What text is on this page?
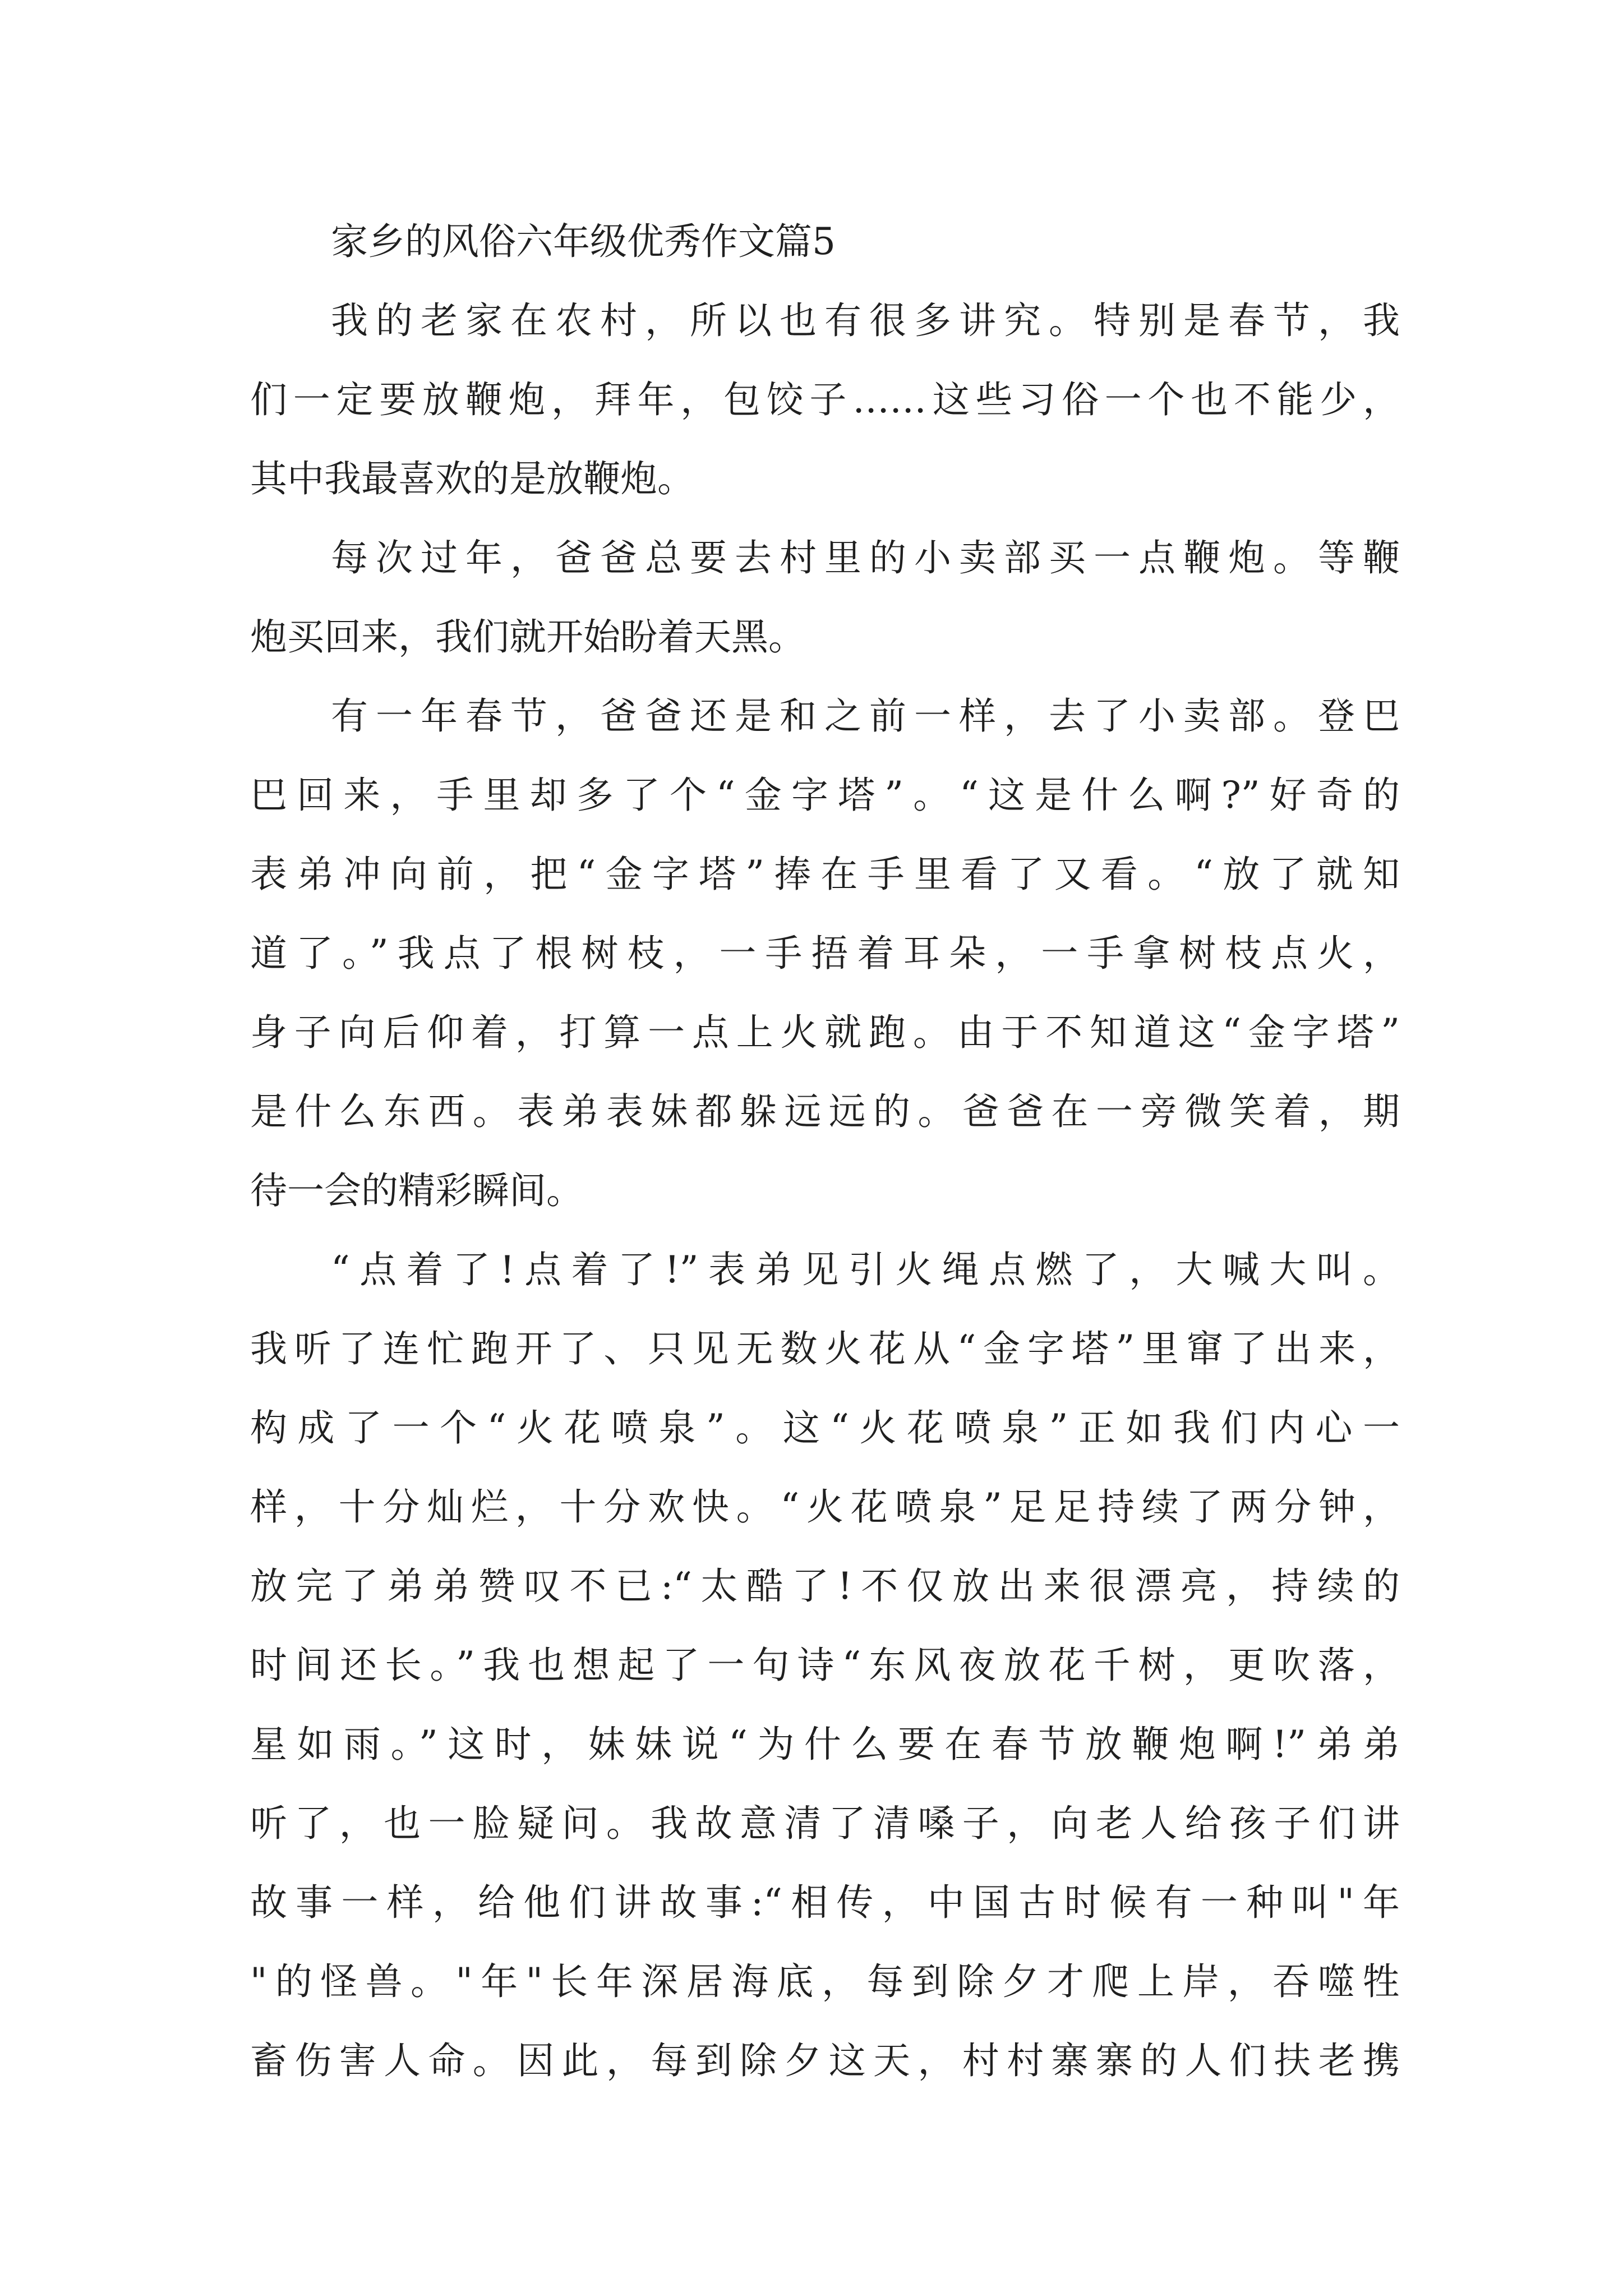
家乡的风俗六年级优秀作文篇5
我的老家在农村，所以也有很多讲究。特别是春节，我
们一定要放鞭炮，拜年，包饺子……这些习俗一个也不能少，
其中我最喜欢的是放鞭炮。
每次过年，爸爸总要去村里的小卖部买一点鞭炮。等鞭
炮买回来，我们就开始盼着天黑。
有一年春节，爸爸还是和之前一样，去了小卖部。登巴
巴回来，手里却多了个“金字塔”。“这是什么啊?”好奇的
表弟冲向前，把“金字塔”捧在手里看了又看。“放了就知
道了。”我点了根树枝，一手捂着耳朵，一手拿树枝点火，
身子向后仰着，打算一点上火就跑。由于不知道这“金字塔”
是什么东西。表弟表妹都躲远远的。爸爸在一旁微笑着，期
待一会的精彩瞬间。
“点着了!点着了!”表弟见引火绳点燃了，大喊大叫。
我听了连忙跑开了、只见无数火花从“金字塔”里窜了出来，
构成了一个“火花喷泉”。这“火花喷泉”正如我们内心一
样，十分灿烂，十分欢快。“火花喷泉”足足持续了两分钟，
放完了弟弟赞叹不已:“太酷了!不仅放出来很漂亮，持续的
时间还长。”我也想起了一句诗“东风夜放花千树，更吹落，
星如雨。”这时，妹妹说“为什么要在春节放鞭炮啊!”弟弟
听了，也一脸疑问。我故意清了清嗓子，向老人给孩子们讲
故事一样，给他们讲故事:“相传，中国古时候有一种叫"年
"的怪兽。"年"长年深居海底，每到除夕才爬上岸，吞噬牲
畜伤害人命。因此，每到除夕这天，村村寨寨的人们扶老携
